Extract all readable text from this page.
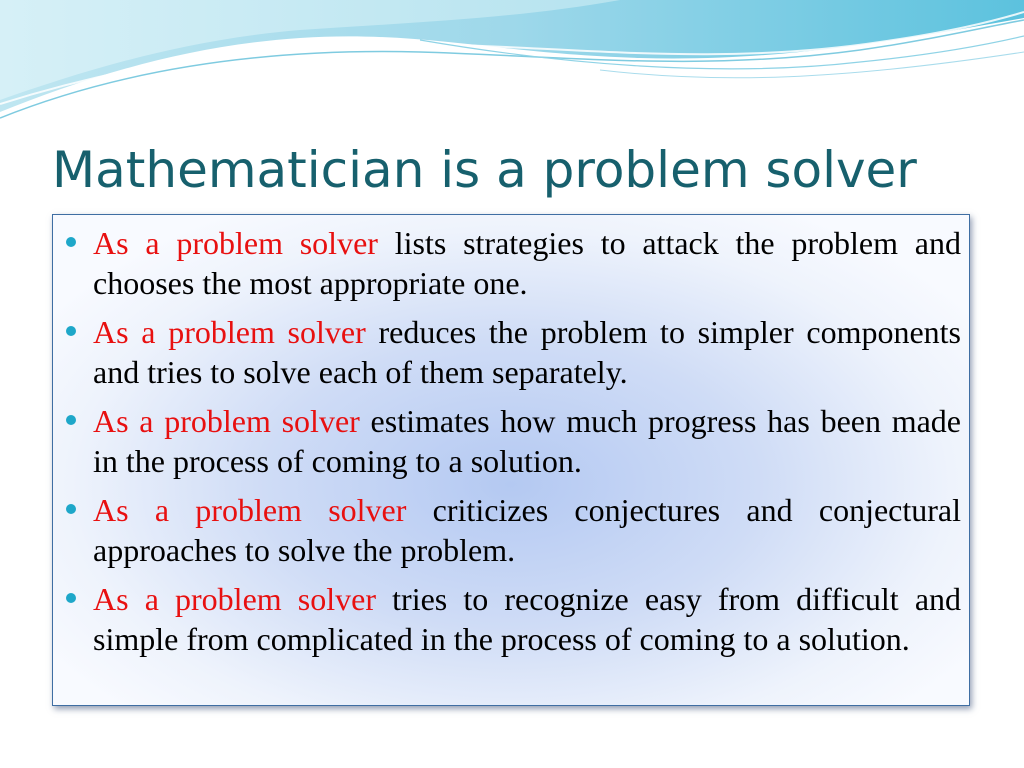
Mathematician is a problem solver
As a problem solver lists strategies to attack the problem and chooses the most appropriate one.
As a problem solver reduces the problem to simpler components and tries to solve each of them separately.
As a problem solver estimates how much progress has been made in the process of coming to a solution.
As a problem solver criticizes conjectures and conjectural  approaches to solve the problem.
As a problem solver tries to recognize easy from difficult and simple from complicated in the process of coming to a solution.
